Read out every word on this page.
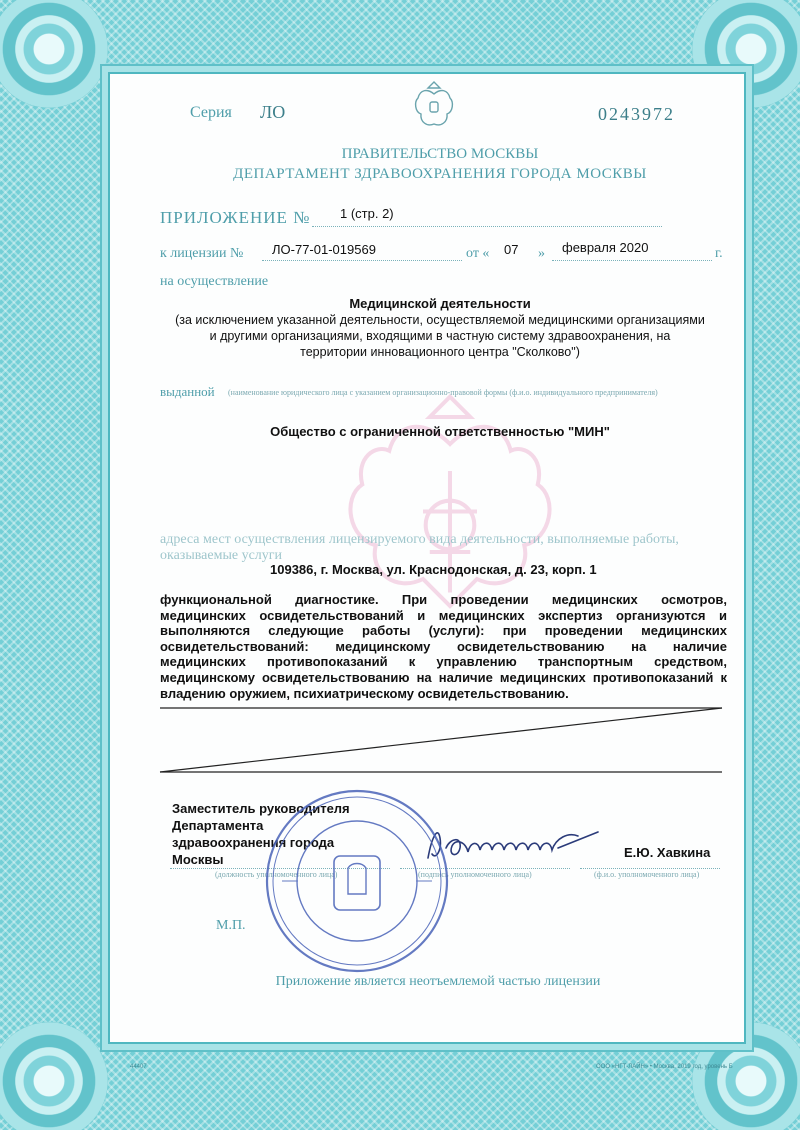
Серия ЛО	0243972
ПРАВИТЕЛЬСТВО МОСКВЫ
ДЕПАРТАМЕНТ ЗДРАВООХРАНЕНИЯ ГОРОДА МОСКВЫ
ПРИЛОЖЕНИЕ № 1 (стр. 2)
к лицензии № ЛО-77-01-019569	от « 07 » февраля 2020	г.
на осуществление
Медицинской деятельности
(за исключением указанной деятельности, осуществляемой медицинскими организациями
и другими организациями, входящими в частную систему здравоохранения, на
территории инновационного центра "Сколково")
выданной (наименование юридического лица с указанием организационно-правовой формы (ф.и.о. индивидуального предпринимателя)
Общество с ограниченной ответственностью "МИН"
адреса мест осуществления лицензируемого вида деятельности, выполняемые работы,
оказываемые услуги
109386, г. Москва, ул. Краснодонская, д. 23, корп. 1
функциональной диагностике. При проведении медицинских осмотров,
медицинских освидетельствований и медицинских экспертиз организуются и
выполняются следующие работы (услуги): при проведении медицинских
освидетельствований: медицинскому освидетельствованию на наличие
медицинских противопоказаний к управлению транспортным средством,
медицинскому освидетельствованию на наличие медицинских противопоказаний к
владению оружием, психиатрическому освидетельствованию.
Заместитель руководителя
Департамента
здравоохранения города
Москвы	Е.Ю. Хавкина
(должность уполномоченного лица)	(подпись уполномоченного лица)	(ф.и.о. уполномоченного лица)
М.П.
Приложение является неотъемлемой частью лицензии
44407	ООО «НГТ-ЛАЙН» • Москва, 2019 год, уровень Б
